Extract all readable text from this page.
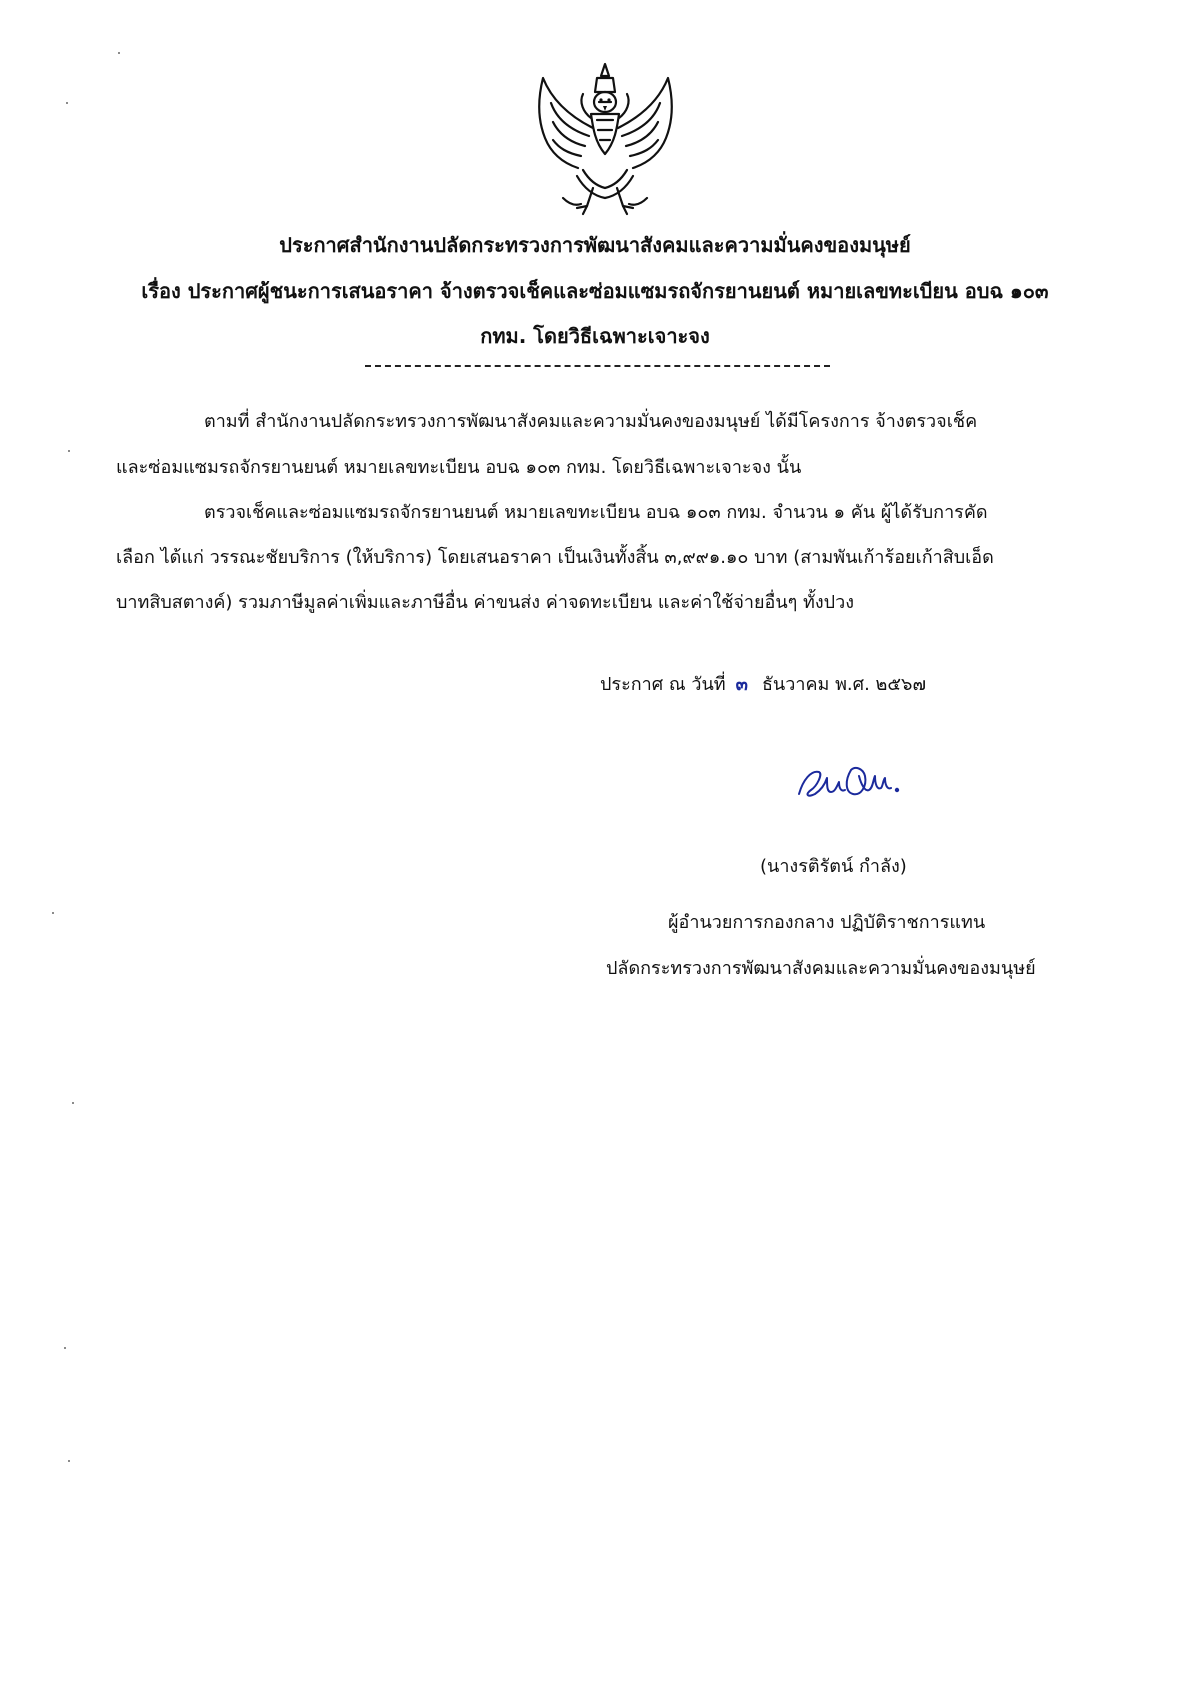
ประกาศสำนักงานปลัดกระทรวงการพัฒนาสังคมและความมั่นคงของมนุษย์
เรื่อง ประกาศผู้ชนะการเสนอราคา จ้างตรวจเช็คและซ่อมแซมรถจักรยานยนต์ หมายเลขทะเบียน อบฉ ๑๐๓
กทม. โดยวิธีเฉพาะเจาะจง
ตามที่ สำนักงานปลัดกระทรวงการพัฒนาสังคมและความมั่นคงของมนุษย์ ได้มีโครงการ จ้างตรวจเช็ค
และซ่อมแซมรถจักรยานยนต์ หมายเลขทะเบียน อบฉ ๑๐๓ กทม. โดยวิธีเฉพาะเจาะจง นั้น
ตรวจเช็คและซ่อมแซมรถจักรยานยนต์ หมายเลขทะเบียน อบฉ ๑๐๓ กทม. จำนวน ๑ คัน ผู้ได้รับการคัด
เลือก ได้แก่ วรรณะชัยบริการ (ให้บริการ) โดยเสนอราคา เป็นเงินทั้งสิ้น ๓,๙๙๑.๑๐ บาท (สามพันเก้าร้อยเก้าสิบเอ็ด
บาทสิบสตางค์) รวมภาษีมูลค่าเพิ่มและภาษีอื่น ค่าขนส่ง ค่าจดทะเบียน และค่าใช้จ่ายอื่นๆ ทั้งปวง
ประกาศ ณ วันที่ ๓ ธันวาคม พ.ศ. ๒๕๖๗
(นางรติรัตน์ กำลัง)
ผู้อำนวยการกองกลาง ปฏิบัติราชการแทน
ปลัดกระทรวงการพัฒนาสังคมและความมั่นคงของมนุษย์
